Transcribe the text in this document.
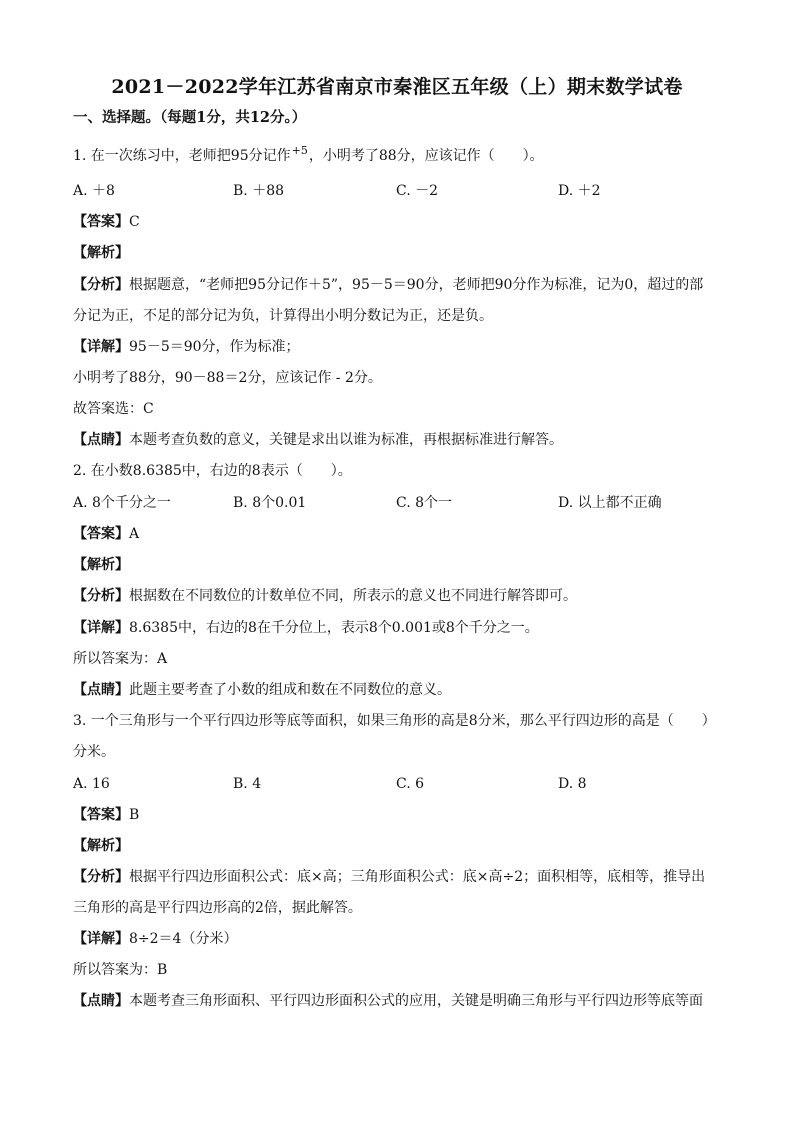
2021－2022学年江苏省南京市秦淮区五年级（上）期末数学试卷
一、选择题。（每题1分，共12分。）
1. 在一次练习中，老师把95分记作$^{+5}$，小明考了88分，应该记作（　　）。
A. ＋8	B. ＋88	C. －2	D. ＋2
【答案】C
【解析】
【分析】根据题意，“老师把95分记作＋5”，95－5＝90分，老师把90分作为标准，记为0，超过的部
分记为正，不足的部分记为负，计算得出小明分数记为正，还是负。
【详解】95－5＝90分，作为标准；
小明考了88分，90－88＝2分，应该记作 - 2分。
故答案选：C
【点睛】本题考查负数的意义，关键是求出以谁为标准，再根据标准进行解答。
2. 在小数8.6385中，右边的8表示（　　）。
A. 8个千分之一	B. 8个0.01	C. 8个一	D. 以上都不正确
【答案】A
【解析】
【分析】根据数在不同数位的计数单位不同，所表示的意义也不同进行解答即可。
【详解】8.6385中，右边的8在千分位上，表示8个0.001或8个千分之一。
所以答案为：A
【点睛】此题主要考查了小数的组成和数在不同数位的意义。
3. 一个三角形与一个平行四边形等底等面积，如果三角形的高是8分米，那么平行四边形的高是（　　）
分米。
A. 16	B. 4	C. 6	D. 8
【答案】B
【解析】
【分析】根据平行四边形面积公式：底×高；三角形面积公式：底×高÷2；面积相等，底相等，推导出
三角形的高是平行四边形高的2倍，据此解答。
【详解】8÷2＝4（分米）
所以答案为：B
【点睛】本题考查三角形面积、平行四边形面积公式的应用，关键是明确三角形与平行四边形等底等面
